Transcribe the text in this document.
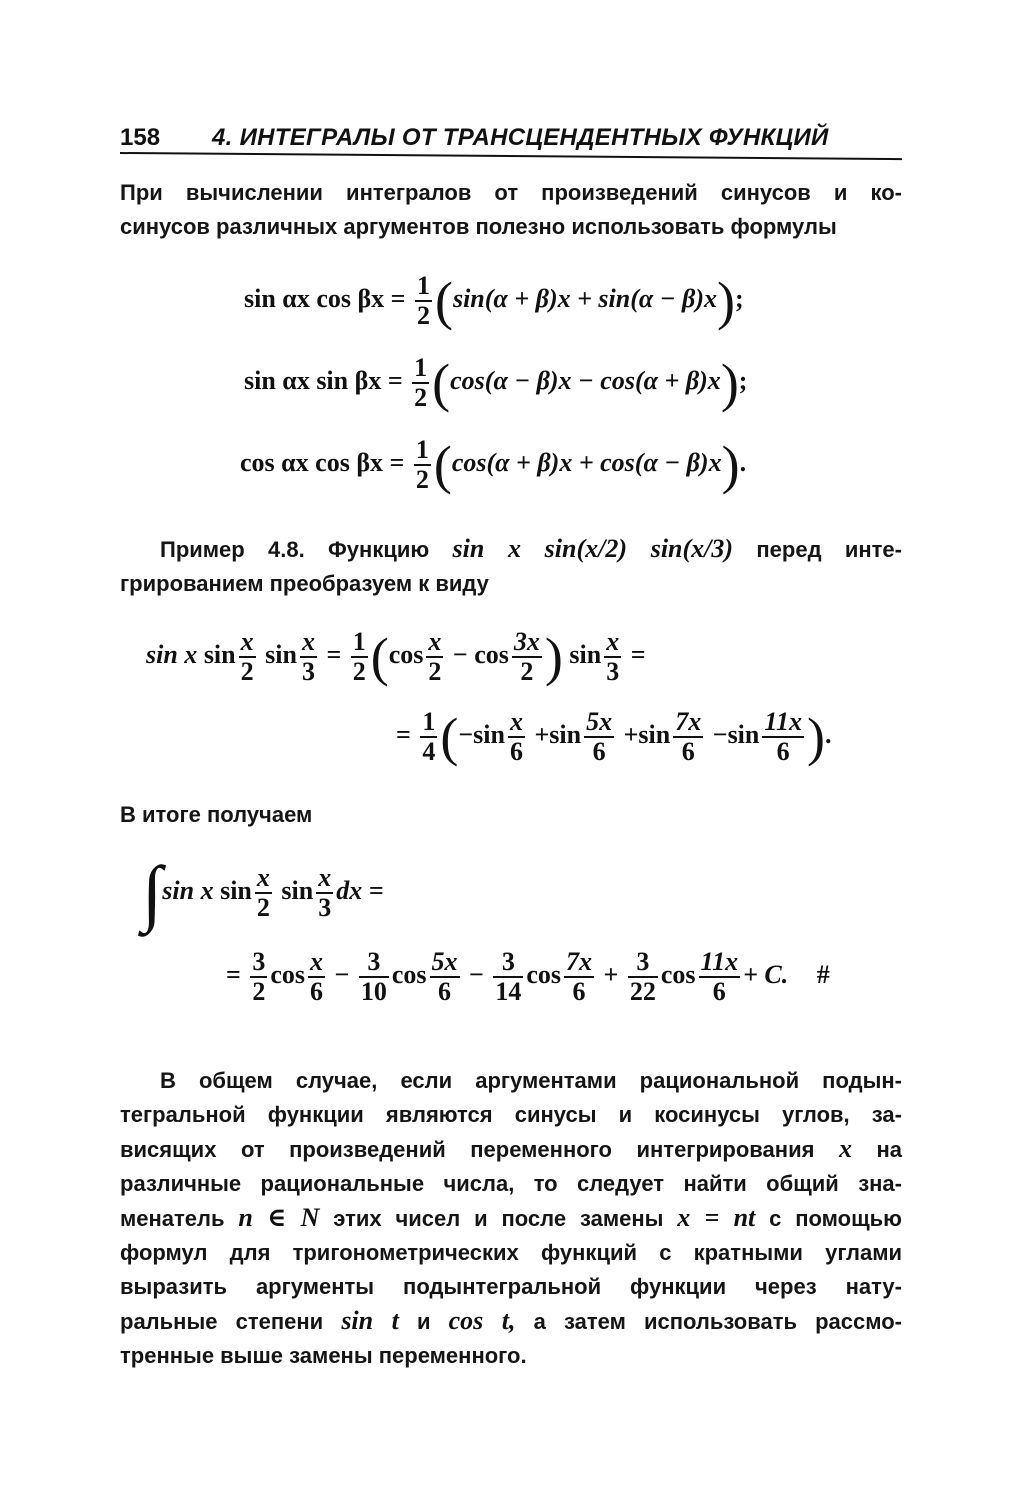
158 4. ИНТЕГРАЛЫ ОТ ТРАНСЦЕНДЕНТНЫХ ФУНКЦИЙ
При вычислении интегралов от произведений синусов и ко-
синусов различных аргументов полезно использовать формулы
sin αx $\cos \beta x = \frac{1}{2} (\sin(\alpha + \beta)x + \sin(\alpha - \beta)x)$;
sin αx $\sin \beta x = \frac{1}{2} (\cos(\alpha - \beta)x - \cos(\alpha + \beta)x)$;
cos αx $\cos \beta x = \frac{1}{2} (\cos(\alpha + \beta)x + \cos(\alpha - \beta)x)$.
Пример 4.8. Функцию sin x sin(x/2) sin(x/3) перед инте-
грированием преобразуем к виду
sin x $\sin \frac{x}{2}$ $\sin \frac{x}{3} = \frac{1}{2} (\cos \frac{x}{2} - \cos \frac{3x}{2}$ ) $\sin \frac{x}{3}$ =
= $\frac{1}{4} (-\sin \frac{x}{6} +\sin \frac{5x}{6} +\sin \frac{7x}{6} -\sin \frac{11x}{6}$ ).
В итоге получаем
∫sin x $\sin \frac{x}{2}$ $\sin \frac{x}{3}$ dx =
= $\frac{3}{2}$ $\cos \frac{x}{6} - \frac{3}{10}$ $\cos \frac{5x}{6} - \frac{3}{14}$ $\cos \frac{7x}{6} + \frac{3}{22}$ $\cos \frac{11x}{6} + C$. #
В общем случае, если аргументами рациональной подын-
тегральной функции являются синусы и косинусы углов, за-
висящих от произведений переменного интегрирования x на
различные рациональные числа, то следует найти общий зна-
менатель n ∈ N этих чисел и после замены x = nt с помощью
формул для тригонометрических функций с кратными углами
выразить аргументы подынтегральной функции через нату-
ральные степени sin t и cos t, а затем использовать рассмо-
тренные выше замены переменного.
